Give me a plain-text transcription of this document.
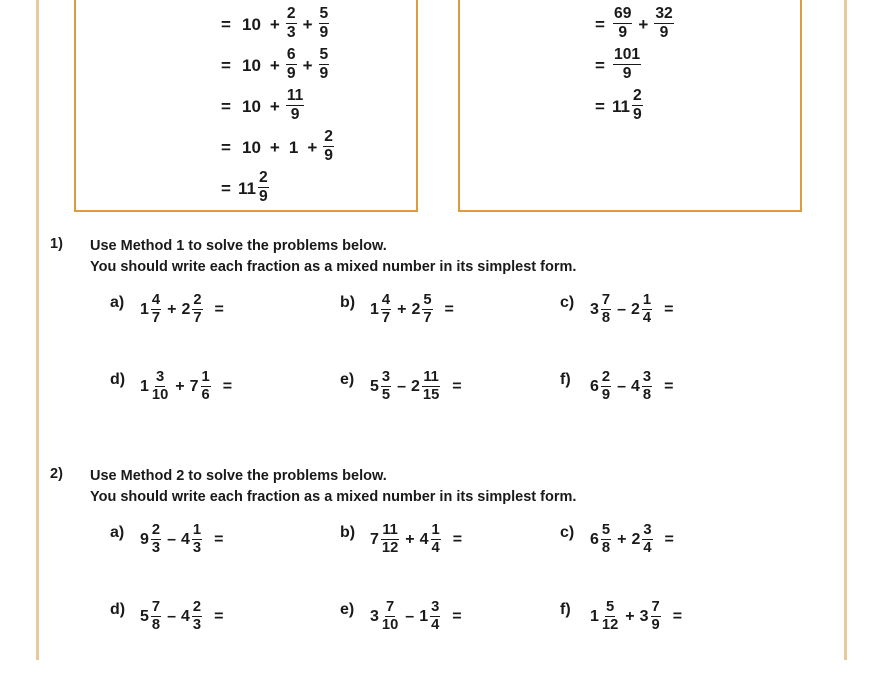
= $10 + \frac{2}{3} + \frac{5}{9}$
= $10 + \frac{6}{9} + \frac{5}{9}$
= $10 + \frac{11}{9}$
= $10 + 1 + \frac{2}{9}$
= $11 \frac{2}{9}$
= $\frac{69}{9} + \frac{32}{9}$
= $\frac{101}{9}$
= $11 \frac{2}{9}$
1)	Use Method 1 to solve the problems below.
You should write each fraction as a mixed number in its simplest form.
a) $1 \frac{4}{7} + 2 \frac{2}{7}$ =	b) $1 \frac{4}{7} + 2 \frac{5}{7}$ =	c) $3 \frac{7}{8} - 2 \frac{1}{4}$ =
d) $1 \frac{3}{10} + 7 \frac{1}{6}$ =	e) $5 \frac{3}{5} - 2 \frac{11}{15}$ =	f)	$6 \frac{2}{9} - 4 \frac{3}{8}$ =
2)	Use Method 2 to solve the problems below.
You should write each fraction as a mixed number in its simplest form.
a) $9 \frac{2}{3} - 4 \frac{1}{3}$ =	b) $7 \frac{11}{12} + 4 \frac{1}{4}$ =	c) $6 \frac{5}{8} + 2 \frac{3}{4}$ =
d) $5 \frac{7}{8} - 4 \frac{2}{3}$ =	e) $3 \frac{7}{10} - 1 \frac{3}{4}$ =	f)	$1 \frac{5}{12} + 3 \frac{7}{9}$ =
